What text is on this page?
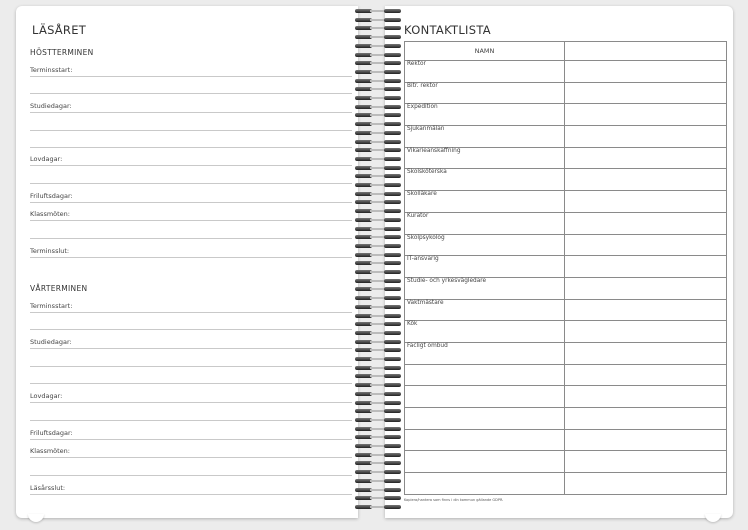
LÄSÅRET
HÖSTTERMINEN
Terminsstart:
Studiedagar:
Lovdagar:
Friluftsdagar:
Klassmöten:
Terminsslut:
VÅRTERMINEN
Terminsstart:
Studiedagar:
Lovdagar:
Friluftsdagar:
Klassmöten:
Läsårsslut:
KONTAKTLISTA
NAMN	
Rektor	
Bitr. rektor	
Expedition	
Sjukanmälan	
Vikarieanskaffning	
Skolsköterska	
Skolläkare	
Kurator	
Skolpsykolog	
IT-ansvarig	
Studie- och yrkesvägledare	
Vaktmästare	
Kök	
Facligt ombud	

Kopiera/hantera som finns i din kommun gällande GDPR.
